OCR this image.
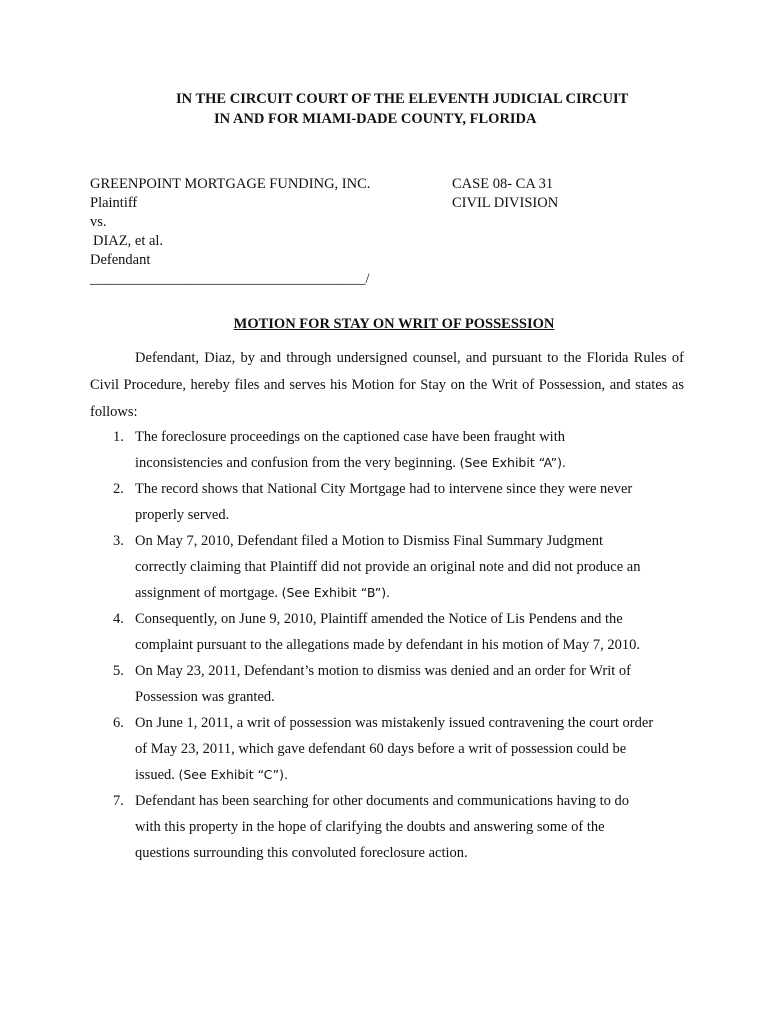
IN THE CIRCUIT COURT OF THE ELEVENTH JUDICIAL CIRCUIT
IN AND FOR MIAMI-DADE COUNTY, FLORIDA
GREENPOINT MORTGAGE FUNDING, INC.
Plaintiff
vs.
DIAZ, et al.
Defendant
______________________________________/
CASE 08- CA 31
CIVIL DIVISION
MOTION FOR STAY ON WRIT OF POSSESSION

Defendant, Diaz, by and through undersigned counsel, and pursuant to the Florida Rules of Civil Procedure, hereby files and serves his Motion for Stay on the Writ of Possession, and states as follows:

1. The foreclosure proceedings on the captioned case have been fraught with
inconsistencies and confusion from the very beginning. (See Exhibit “A”).
2. The record shows that National City Mortgage had to intervene since they were never
properly served.
3. On May 7, 2010, Defendant filed a Motion to Dismiss Final Summary Judgment
correctly claiming that Plaintiff did not provide an original note and did not produce an
assignment of mortgage. (See Exhibit “B”).
4. Consequently, on June 9, 2010, Plaintiff amended the Notice of Lis Pendens and the
complaint pursuant to the allegations made by defendant in his motion of May 7, 2010.
5. On May 23, 2011, Defendant’s motion to dismiss was denied and an order for Writ of
Possession was granted.
6. On June 1, 2011, a writ of possession was mistakenly issued contravening the court order
of May 23, 2011, which gave defendant 60 days before a writ of possession could be
issued. (See Exhibit “C”).
7. Defendant has been searching for other documents and communications having to do
with this property in the hope of clarifying the doubts and answering some of the
questions surrounding this convoluted foreclosure action.
